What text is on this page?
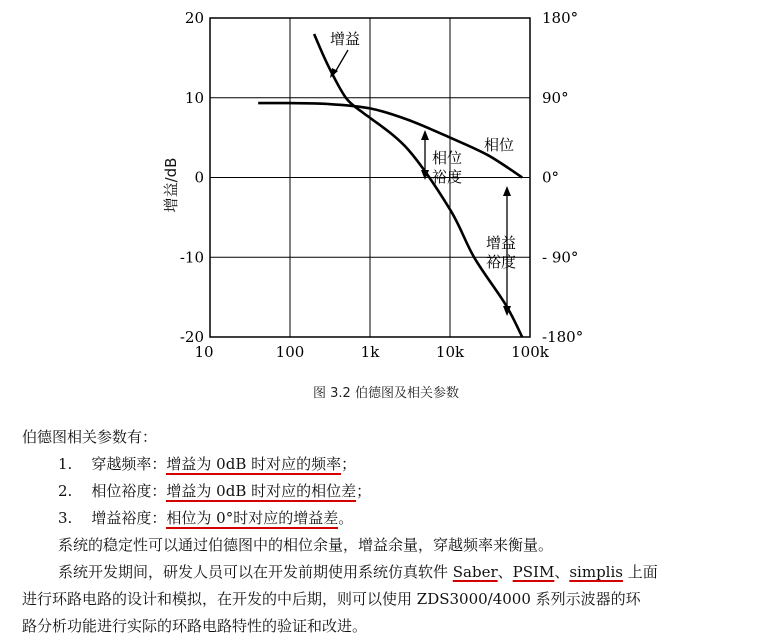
10	100	1k	10k	100k
20	180°
10	90°
0	0°
-10	- 90°
-20	-180°
增益/dB
增益
相位
相位
裕度
增益
裕度
图 3.2 伯德图及相关参数
伯德图相关参数有：
1. 穿越频率：增益为 0dB 时对应的频率；
2. 相位裕度：增益为 0dB 时对应的相位差；
3. 增益裕度：相位为 0°时对应的增益差。
系统的稳定性可以通过伯德图中的相位余量，增益余量，穿越频率来衡量。
系统开发期间，研发人员可以在开发前期使用系统仿真软件 Saber、PSIM、simplis 上面
进行环路电路的设计和模拟，在开发的中后期，则可以使用 ZDS3000/4000 系列示波器的环
路分析功能进行实际的环路电路特性的验证和改进。
